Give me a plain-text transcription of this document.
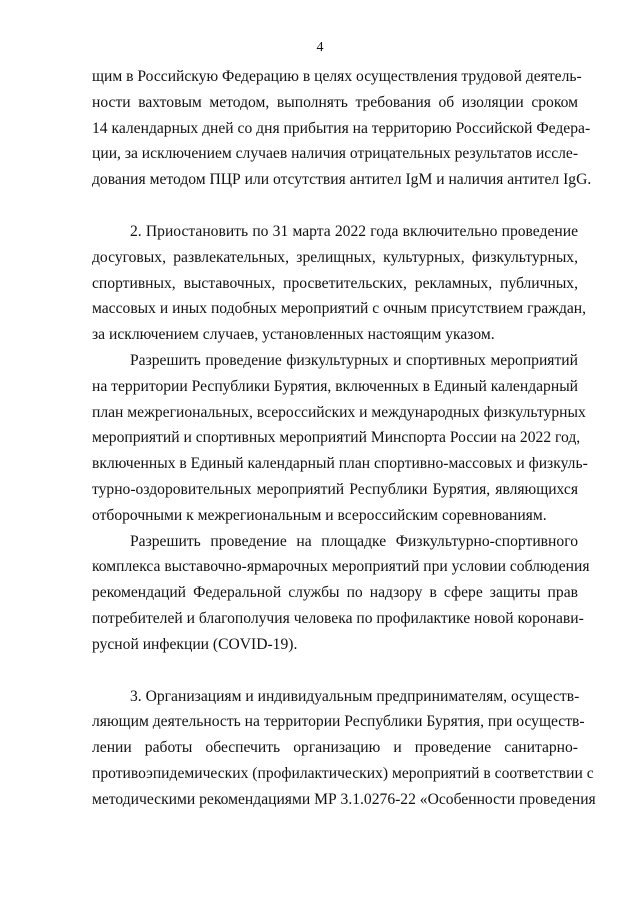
4
щим в Российскую Федерацию в целях осуществления трудовой деятель-
ности вахтовым методом, выполнять требования об изоляции сроком
14 календарных дней со дня прибытия на территорию Российской Федера-
ции, за исключением случаев наличия отрицательных результатов иссле-
дования методом ПЦР или отсутствия антител IgM и наличия антител IgG.
2. Приостановить по 31 марта 2022 года включительно проведение
досуговых, развлекательных, зрелищных, культурных, физкультурных,
спортивных, выставочных, просветительских, рекламных, публичных,
массовых и иных подобных мероприятий с очным присутствием граждан,
за исключением случаев, установленных настоящим указом.
Разрешить проведение физкультурных и спортивных мероприятий
на территории Республики Бурятия, включенных в Единый календарный
план межрегиональных, всероссийских и международных физкультурных
мероприятий и спортивных мероприятий Минспорта России на 2022 год,
включенных в Единый календарный план спортивно-массовых и физкуль-
турно-оздоровительных мероприятий Республики Бурятия, являющихся
отборочными к межрегиональным и всероссийским соревнованиям.
Разрешить проведение на площадке Физкультурно-спортивного
комплекса выставочно-ярмарочных мероприятий при условии соблюдения
рекомендаций Федеральной службы по надзору в сфере защиты прав
потребителей и благополучия человека по профилактике новой коронави-
русной инфекции (COVID-19).
3. Организациям и индивидуальным предпринимателям, осуществ-
ляющим деятельность на территории Республики Бурятия, при осуществ-
лении работы обеспечить организацию и проведение санитарно-
противоэпидемических (профилактических) мероприятий в соответствии с
методическими рекомендациями МР 3.1.0276-22 «Особенности проведения
